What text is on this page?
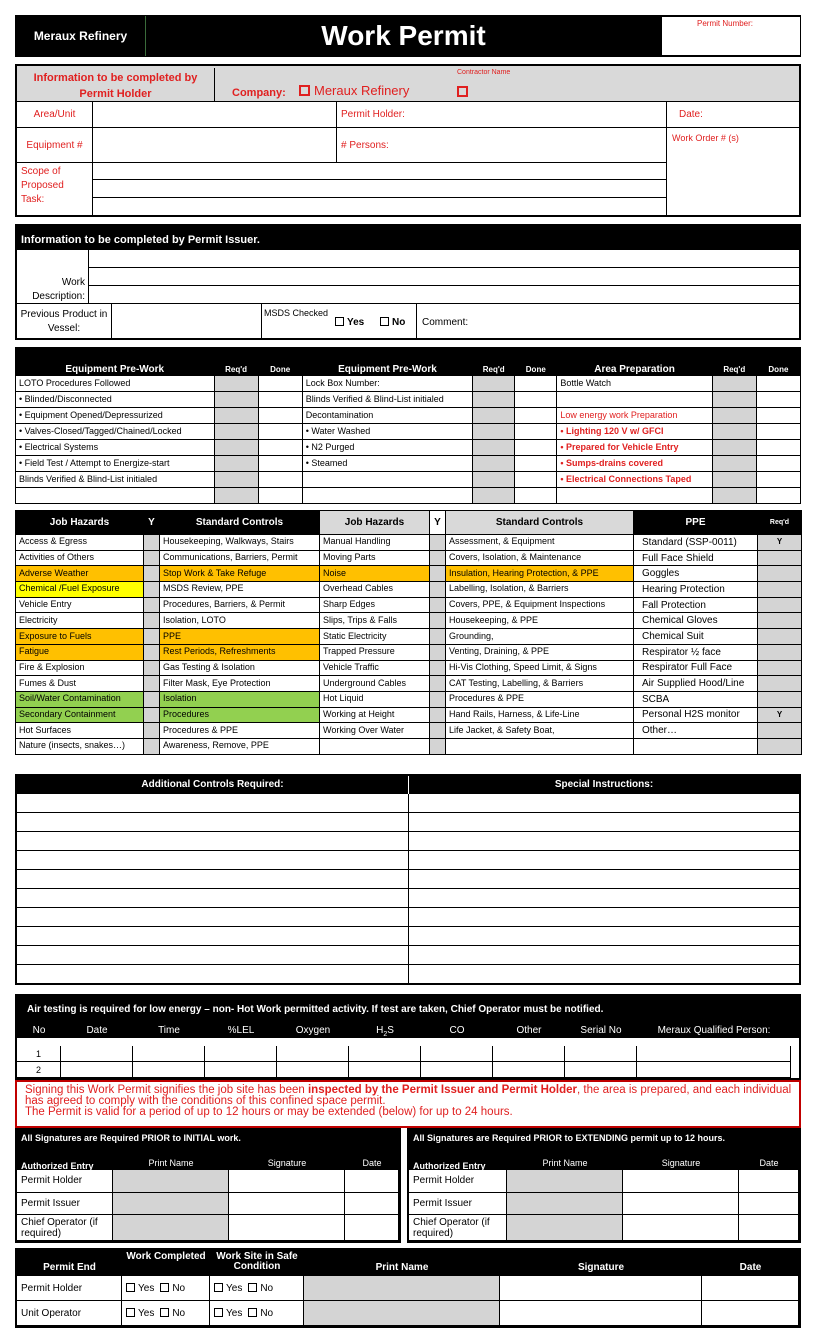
Meraux Refinery	Work Permit	Permit Number:
Information to be completed by Permit Holder
Contractor Name
Company:	Meraux Refinery
Area/Unit	Permit Holder:	Date:
Equipment #	# Persons:
Work Order # (s)
Scope of Proposed Task:
Information to be completed by Permit Issuer.
Work Description:
Previous Product in Vessel:
MSDS Checked
Yes	No	Comment:
Equipment Pre-Work	Req'd	Done	Equipment Pre-Work	Req'd	Done	Area Preparation	Req'd	Done
LOTO Procedures Followed			Lock Box Number:			Bottle Watch		
• Blinded/Disconnected			Blinds Verified & Blind-List initialed					
• Equipment Opened/Depressurized			Decontamination			Low energy work Preparation		
• Valves-Closed/Tagged/Chained/Locked			• Water Washed			• Lighting 120 V w/ GFCI		
• Electrical Systems			• N2 Purged			• Prepared for Vehicle Entry		
• Field Test / Attempt to Energize-start			• Steamed			• Sumps-drains covered		
Blinds Verified & Blind-List initialed						• Electrical Connections Taped		

Job Hazards	Y	Standard Controls	Job Hazards	Y	Standard Controls	PPE	Req'd
Access & Egress		Housekeeping, Walkways, Stairs	Manual Handling		Assessment, & Equipment	Standard (SSP-0011)	Y
Activities of Others		Communications, Barriers, Permit	Moving Parts		Covers, Isolation, & Maintenance	Full Face Shield	
Adverse Weather		Stop Work & Take Refuge	Noise		Insulation, Hearing Protection, & PPE	Goggles	
Chemical /Fuel Exposure		MSDS Review, PPE	Overhead Cables		Labelling, Isolation, & Barriers	Hearing Protection	
Vehicle Entry		Procedures, Barriers, & Permit	Sharp Edges		Covers, PPE, & Equipment Inspections	Fall Protection	
Electricity		Isolation, LOTO	Slips, Trips & Falls		Housekeeping, & PPE	Chemical Gloves	
Exposure to Fuels		PPE	Static Electricity		Grounding,	Chemical Suit	
Fatigue		Rest Periods, Refreshments	Trapped Pressure		Venting, Draining, & PPE	Respirator ½ face	
Fire & Explosion		Gas Testing & Isolation	Vehicle Traffic		Hi-Vis Clothing, Speed Limit, & Signs	Respirator Full Face	
Fumes & Dust		Filter Mask, Eye Protection	Underground Cables		CAT Testing, Labelling, & Barriers	Air Supplied Hood/Line	
Soil/Water Contamination		Isolation	Hot Liquid		Procedures & PPE	SCBA	
Secondary Containment		Procedures	Working at Height		Hand Rails, Harness, & Life-Line	Personal H2S monitor	Y
Hot Surfaces		Procedures & PPE	Working Over Water		Life Jacket, & Safety Boat,	Other…	
Nature (insects, snakes…)		Awareness, Remove, PPE					
Additional Controls Required:	Special Instructions:
Air testing is required for low energy – non- Hot Work permitted activity. If test are taken, Chief Operator must be notified.
No	Date	Time	%LEL	Oxygen	$H_2S$	CO	Other	Serial No	Meraux Qualified Person:
1
2
Signing this Work Permit signifies the job site has been inspected by the Permit Issuer and Permit Holder, the area is prepared, and each individual has agreed to comply with the conditions of this confined space permit.
The Permit is valid for a period of up to 12 hours or may be extended (below) for up to 24 hours.
All Signatures are Required PRIOR to INITIAL work.
Authorized Entry	Print Name	Signature	Date
Permit Holder
Permit Issuer
Chief Operator (if required)
All Signatures are Required PRIOR to EXTENDING permit up to 12 hours.
Authorized Entry	Print Name	Signature	Date
Permit Holder
Permit Issuer
Chief Operator (if required)
Permit End
Work Completed	Work Site in Safe Condition	Print Name	Signature	Date
Permit Holder	Yes No	Yes No
Unit Operator	Yes No	Yes No
